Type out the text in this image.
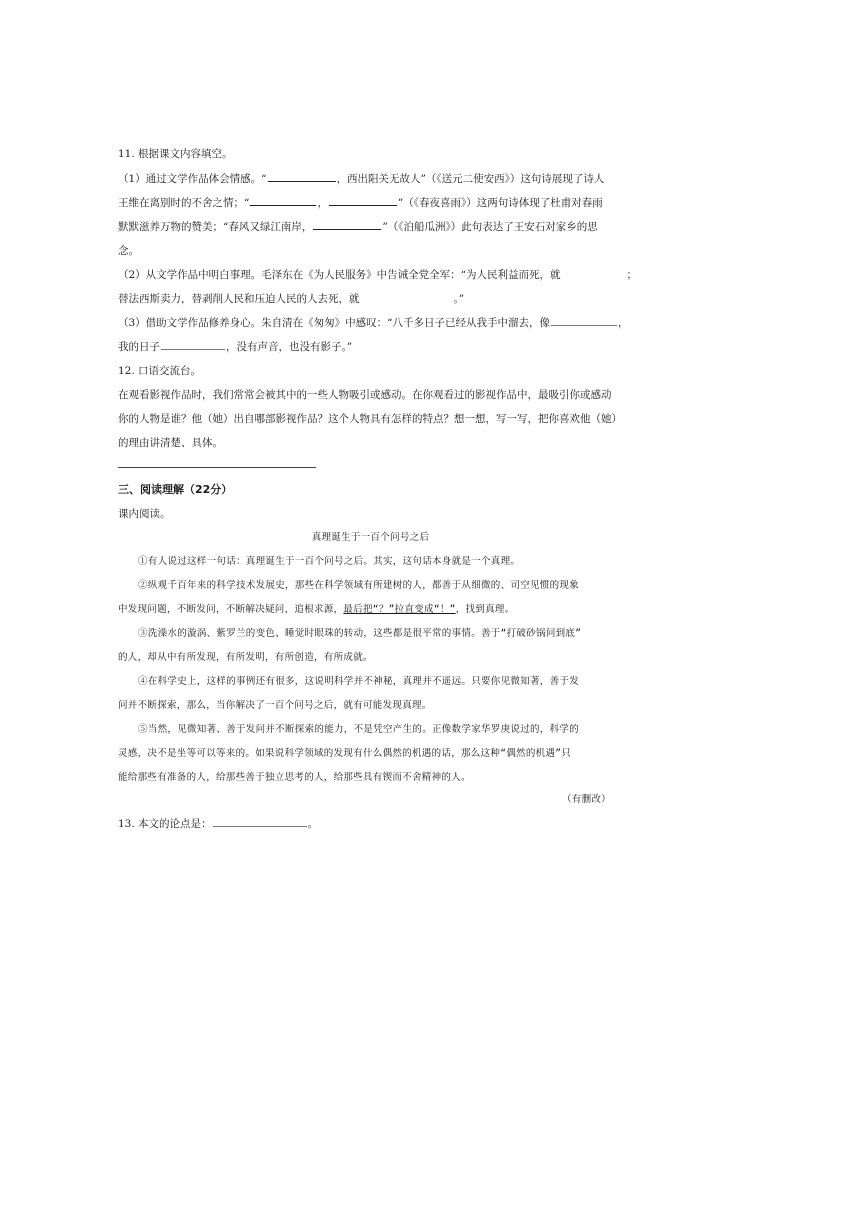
11. 根据课文内容填空。
（1）通过文学作品体会情感。“	，西出阳关无故人”（《送元二使安西》）这句诗展现了诗人
王维在离别时的不舍之情；“	，	”（《春夜喜雨》）这两句诗体现了杜甫对春雨
默默滋养万物的赞美；“春风又绿江南岸，	”（《泊船瓜洲》）此句表达了王安石对家乡的思
念。
（2）从文学作品中明白事理。毛泽东在《为人民服务》中告诫全党全军：“为人民利益而死，就	；
替法西斯卖力，替剥削人民和压迫人民的人去死，就	。”
（3）借助文学作品修养身心。朱自清在《匆匆》中感叹：“八千多日子已经从我手中溜去，像	，
我的日子	，没有声音，也没有影子。”
12. 口语交流台。
在观看影视作品时，我们常常会被其中的一些人物吸引或感动。在你观看过的影视作品中，最吸引你或感动
你的人物是谁？他（她）出自哪部影视作品？这个人物具有怎样的特点？想一想，写一写，把你喜欢他（她）
的理由讲清楚、具体。
三、阅读理解（22分）
课内阅读。
真理诞生于一百个问号之后
①有人说过这样一句话：真理诞生于一百个问号之后。其实，这句话本身就是一个真理。
②纵观千百年来的科学技术发展史，那些在科学领域有所建树的人，都善于从细微的、司空见惯的现象
中发现问题，不断发问，不断解决疑问，追根求源，最后把“？”拉直变成“！”，找到真理。
③洗澡水的漩涡、紫罗兰的变色、睡觉时眼珠的转动，这些都是很平常的事情。善于“打破砂锅问到底”
的人，却从中有所发现，有所发明，有所创造，有所成就。
④在科学史上，这样的事例还有很多，这说明科学并不神秘，真理并不遥远。只要你见微知著，善于发
问并不断探索，那么，当你解决了一百个问号之后，就有可能发现真理。
⑤当然，见微知著、善于发问并不断探索的能力，不是凭空产生的。正像数学家华罗庚说过的，科学的
灵感，决不是坐等可以等来的。如果说科学领域的发现有什么偶然的机遇的话，那么这种“偶然的机遇”只
能给那些有准备的人，给那些善于独立思考的人，给那些具有锲而不舍精神的人。
（有删改）
13. 本文的论点是：	。
